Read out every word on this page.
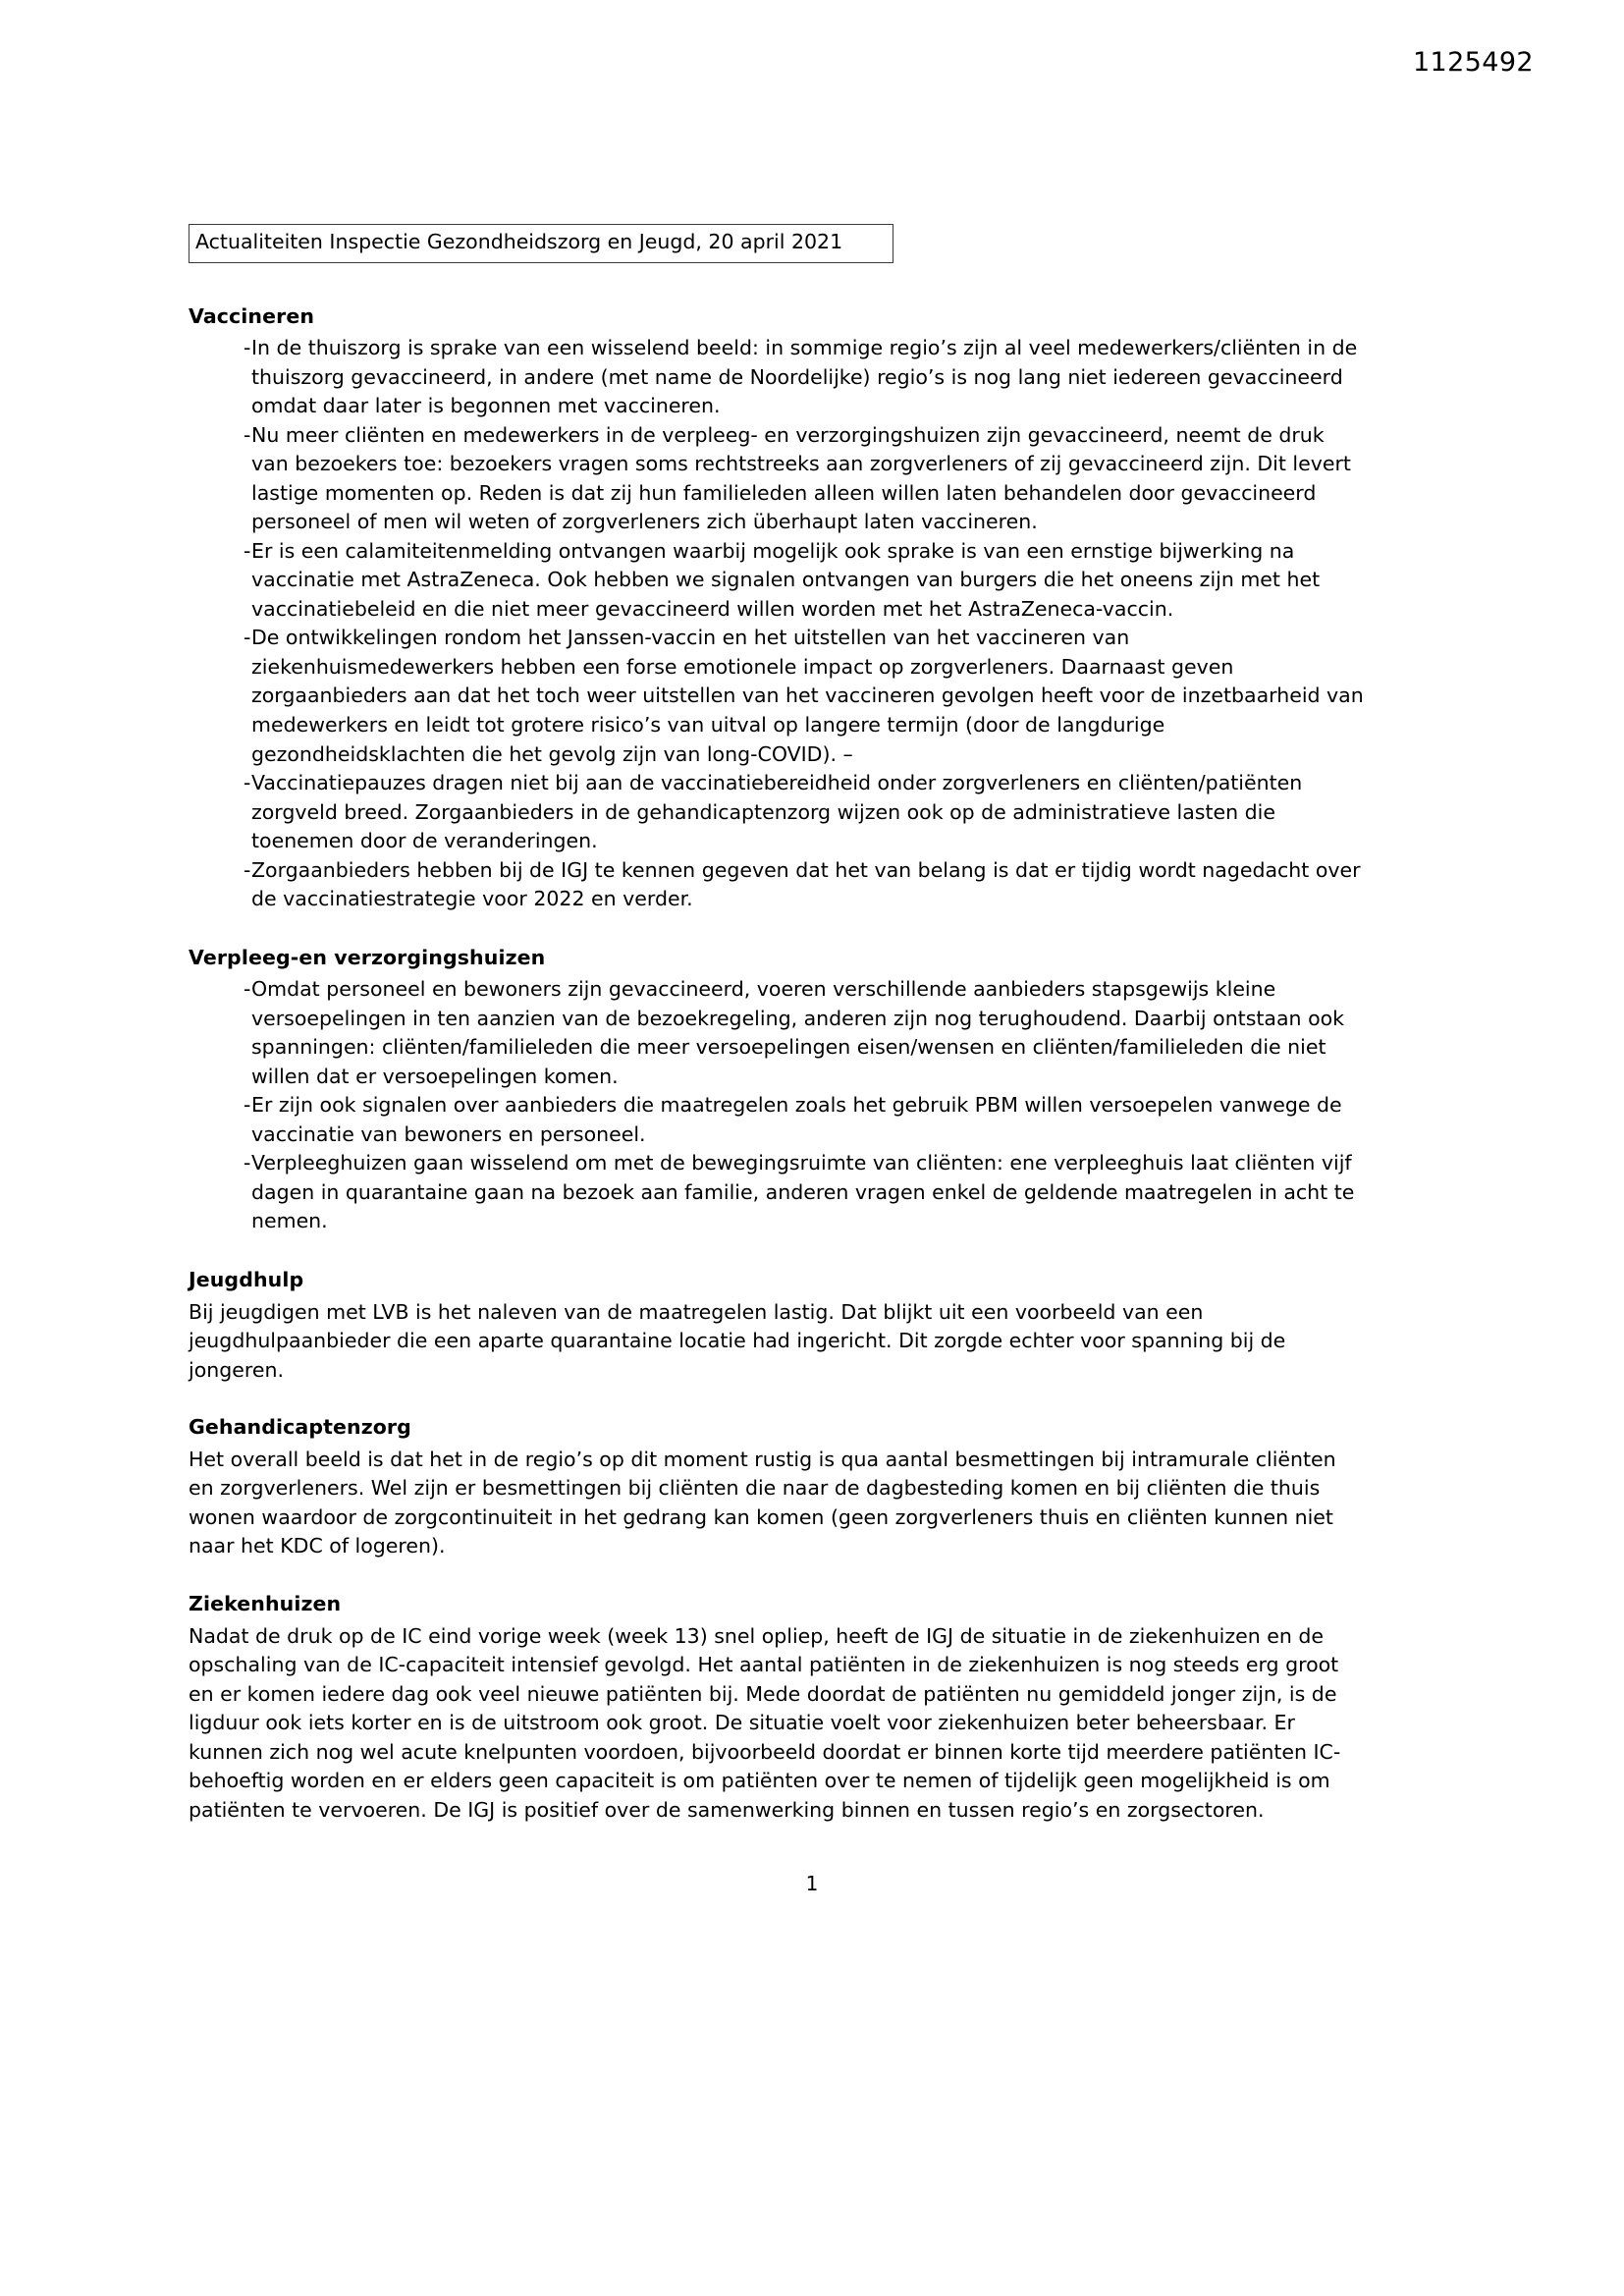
1125492
Actualiteiten Inspectie Gezondheidszorg en Jeugd, 20 april 2021
Vaccineren
- In de thuiszorg is sprake van een wisselend beeld: in sommige regio’s zijn al veel medewerkers/cliënten in de thuiszorg gevaccineerd, in andere (met name de Noordelijke) regio’s is nog lang niet iedereen gevaccineerd omdat daar later is begonnen met vaccineren.
- Nu meer cliënten en medewerkers in de verpleeg- en verzorgingshuizen zijn gevaccineerd, neemt de druk van bezoekers toe: bezoekers vragen soms rechtstreeks aan zorgverleners of zij gevaccineerd zijn. Dit levert lastige momenten op. Reden is dat zij hun familieleden alleen willen laten behandelen door gevaccineerd personeel of men wil weten of zorgverleners zich überhaupt laten vaccineren.
- Er is een calamiteitenmelding ontvangen waarbij mogelijk ook sprake is van een ernstige bijwerking na vaccinatie met AstraZeneca. Ook hebben we signalen ontvangen van burgers die het oneens zijn met het vaccinatiebeleid en die niet meer gevaccineerd willen worden met het AstraZeneca-vaccin.
- De ontwikkelingen rondom het Janssen-vaccin en het uitstellen van het vaccineren van ziekenhuismedewerkers hebben een forse emotionele impact op zorgverleners. Daarnaast geven zorgaanbieders aan dat het toch weer uitstellen van het vaccineren gevolgen heeft voor de inzetbaarheid van medewerkers en leidt tot grotere risico’s van uitval op langere termijn (door de langdurige gezondheidsklachten die het gevolg zijn van long-COVID). –
- Vaccinatiepauzes dragen niet bij aan de vaccinatiebereidheid onder zorgverleners en cliënten/patiënten zorgveld breed. Zorgaanbieders in de gehandicaptenzorg wijzen ook op de administratieve lasten die toenemen door de veranderingen.
- Zorgaanbieders hebben bij de IGJ te kennen gegeven dat het van belang is dat er tijdig wordt nagedacht over de vaccinatiestrategie voor 2022 en verder.
Verpleeg-en verzorgingshuizen
- Omdat personeel en bewoners zijn gevaccineerd, voeren verschillende aanbieders stapsgewijs kleine versoepelingen in ten aanzien van de bezoekregeling, anderen zijn nog terughoudend. Daarbij ontstaan ook spanningen: cliënten/familieleden die meer versoepelingen eisen/wensen en cliënten/familieleden die niet willen dat er versoepelingen komen.
- Er zijn ook signalen over aanbieders die maatregelen zoals het gebruik PBM willen versoepelen vanwege de vaccinatie van bewoners en personeel.
- Verpleeghuizen gaan wisselend om met de bewegingsruimte van cliënten: ene verpleeghuis laat cliënten vijf dagen in quarantaine gaan na bezoek aan familie, anderen vragen enkel de geldende maatregelen in acht te nemen.
Jeugdhulp

Bij jeugdigen met LVB is het naleven van de maatregelen lastig. Dat blijkt uit een voorbeeld van een jeugdhulpaanbieder die een aparte quarantaine locatie had ingericht. Dit zorgde echter voor spanning bij de jongeren.

Gehandicaptenzorg

Het overall beeld is dat het in de regio’s op dit moment rustig is qua aantal besmettingen bij intramurale cliënten en zorgverleners. Wel zijn er besmettingen bij cliënten die naar de dagbesteding komen en bij cliënten die thuis wonen waardoor de zorgcontinuiteit in het gedrang kan komen (geen zorgverleners thuis en cliënten kunnen niet naar het KDC of logeren).

Ziekenhuizen

Nadat de druk op de IC eind vorige week (week 13) snel opliep, heeft de IGJ de situatie in de ziekenhuizen en de opschaling van de IC-capaciteit intensief gevolgd. Het aantal patiënten in de ziekenhuizen is nog steeds erg groot en er komen iedere dag ook veel nieuwe patiënten bij. Mede doordat de patiënten nu gemiddeld jonger zijn, is de ligduur ook iets korter en is de uitstroom ook groot. De situatie voelt voor ziekenhuizen beter beheersbaar. Er kunnen zich nog wel acute knelpunten voordoen, bijvoorbeeld doordat er binnen korte tijd meerdere patiënten IC-behoeftig worden en er elders geen capaciteit is om patiënten over te nemen of tijdelijk geen mogelijkheid is om patiënten te vervoeren. De IGJ is positief over de samenwerking binnen en tussen regio’s en zorgsectoren.

1
